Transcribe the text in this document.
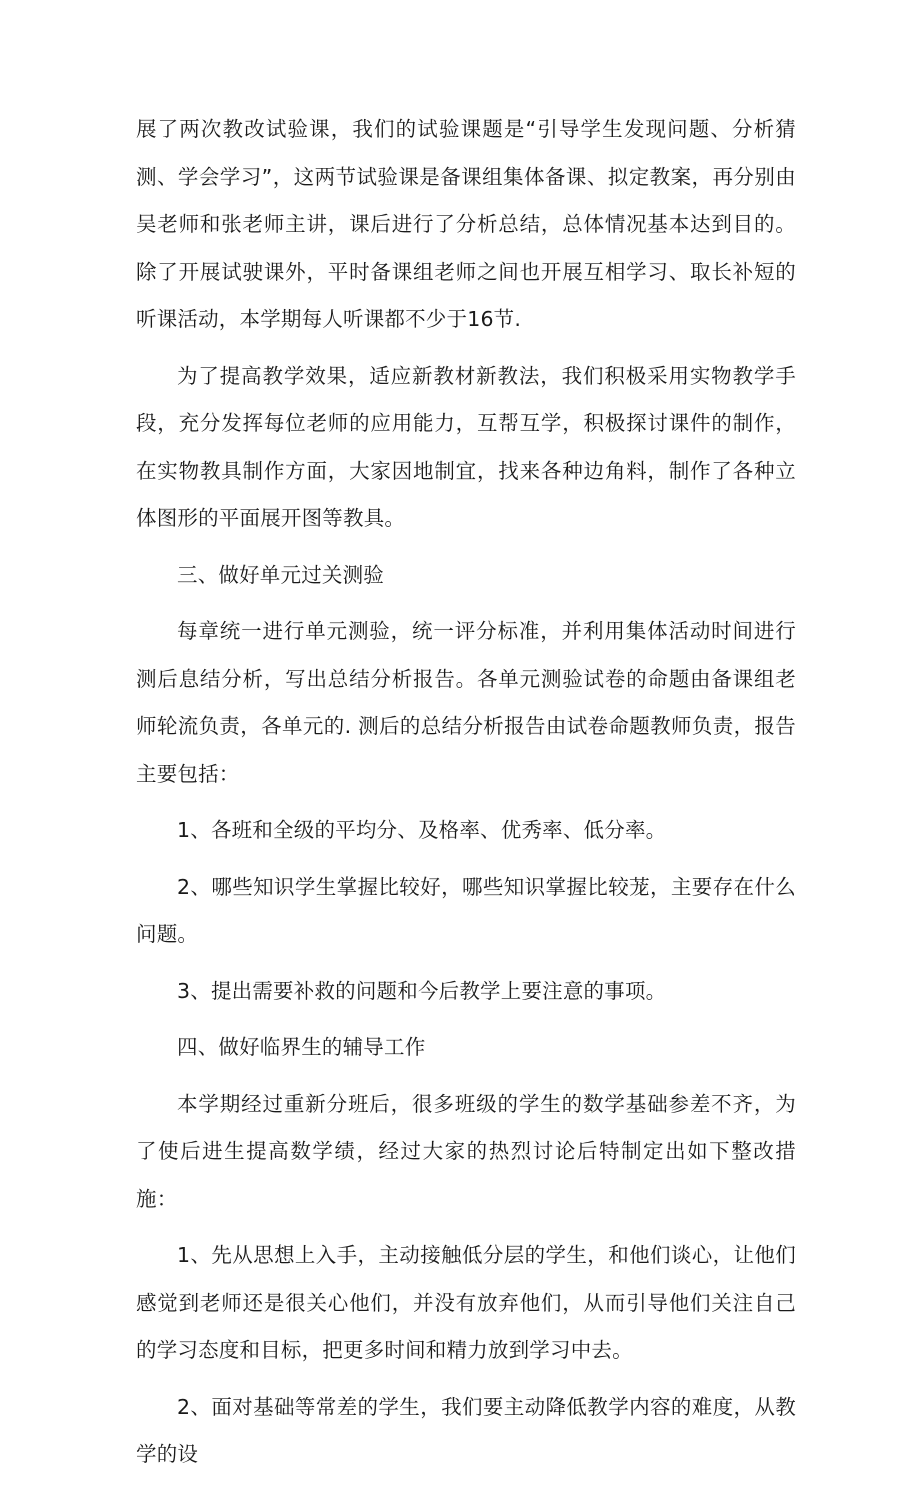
展了两次教改试验课，我们的试验课题是“引导学生发现问题、分析猜测、学会学习”，这两节试验课是备课组集体备课、拟定教案，再分别由吴老师和张老师主讲，课后进行了分析总结，总体情况基本达到目的。除了开展试驶课外，平时备课组老师之间也开展互相学习、取长补短的听课活动，本学期每人听课都不少于16节.

为了提高教学效果，适应新教材新教法，我们积极采用实物教学手段，充分发挥每位老师的应用能力，互帮互学，积极探讨课件的制作，在实物教具制作方面，大家因地制宜，找来各种边角料，制作了各种立体图形的平面展开图等教具。

三、做好单元过关测验

每章统一进行单元测验，统一评分标准，并利用集体活动时间进行测后息结分析，写出总结分析报告。各单元测验试卷的命题由备课组老师轮流负责，各单元的. 测后的总结分析报告由试卷命题教师负责，报告主要包括：

1、各班和全级的平均分、及格率、优秀率、低分率。

2、哪些知识学生掌握比较好，哪些知识掌握比较茏，主要存在什么问题。

3、提出需要补救的问题和今后教学上要注意的事项。

四、做好临界生的辅导工作

本学期经过重新分班后，很多班级的学生的数学基础参差不齐，为了使后进生提高数学绩，经过大家的热烈讨论后特制定出如下整改措施：

1、先从思想上入手，主动接触低分层的学生，和他们谈心，让他们感觉到老师还是很关心他们，并没有放弃他们，从而引导他们关注自己的学习态度和目标，把更多时间和精力放到学习中去。

2、面对基础等常差的学生，我们要主动降低教学内容的难度，从教学的设
